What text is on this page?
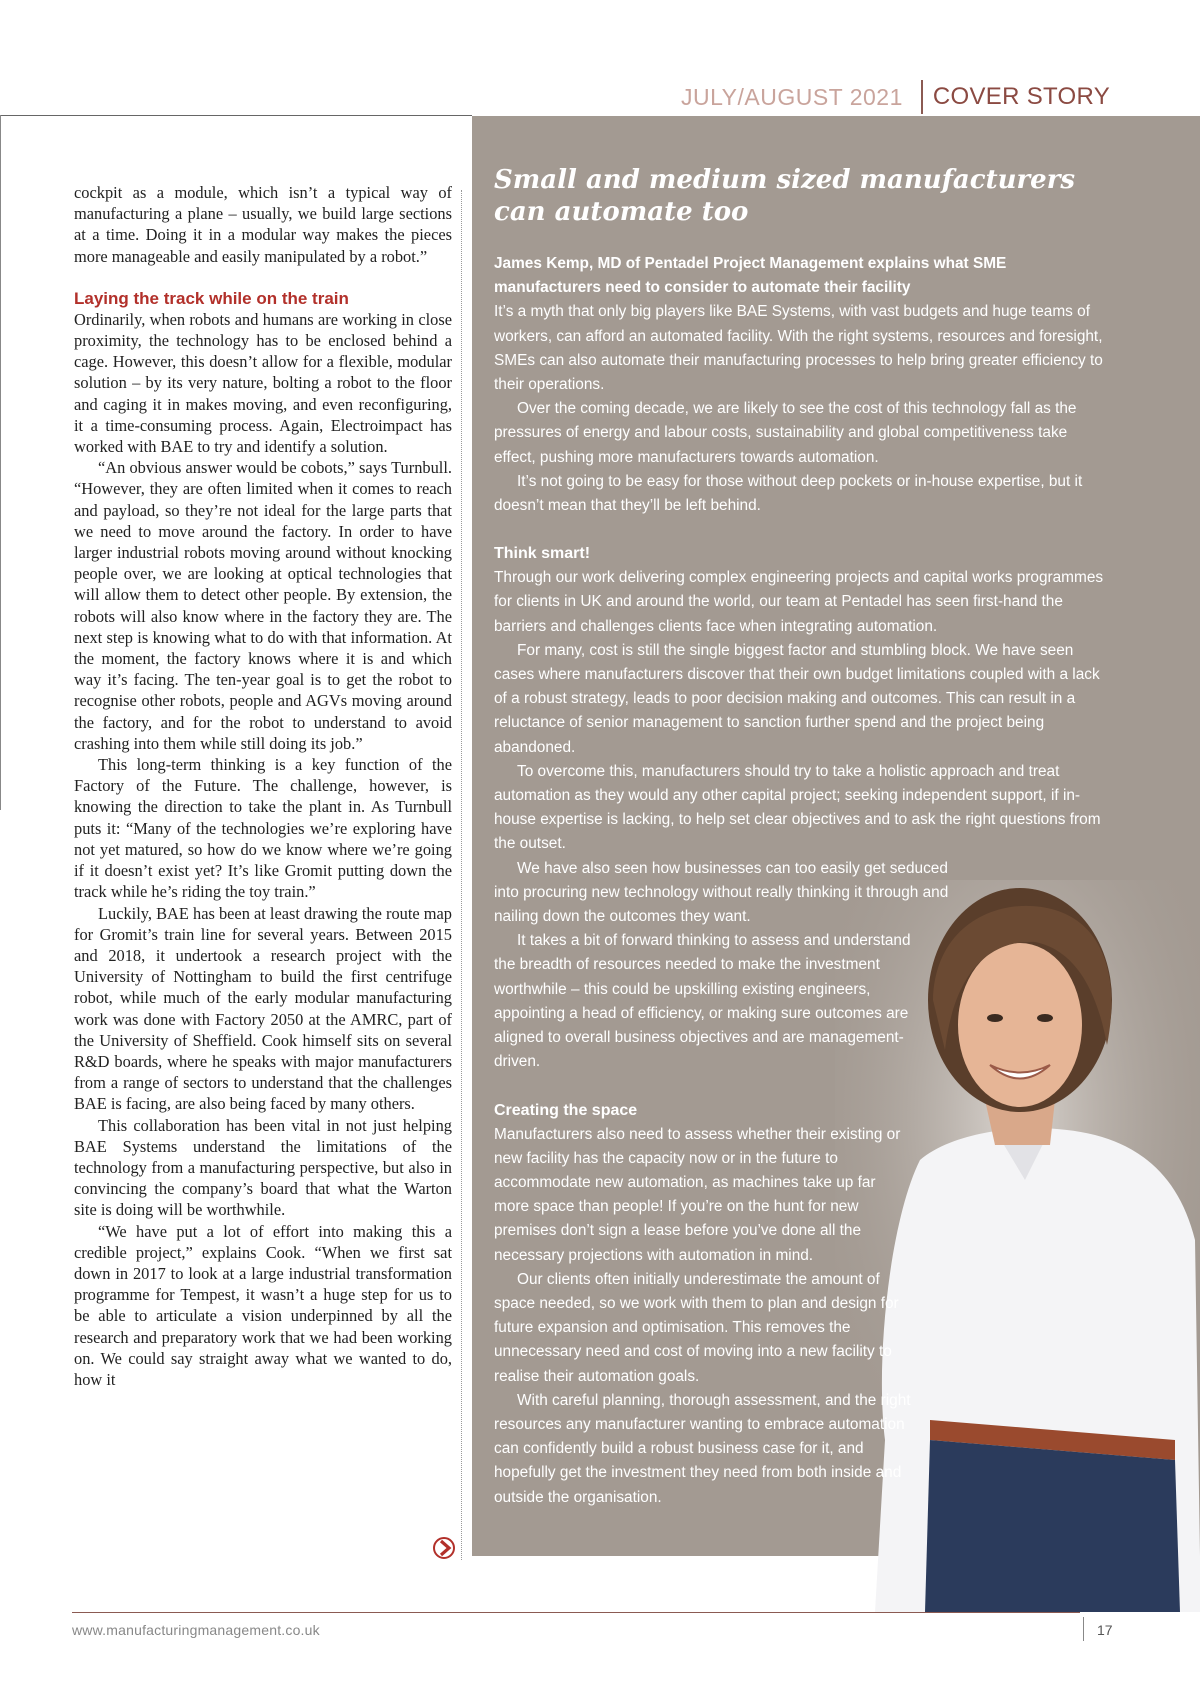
JULY/AUGUST 2021	COVER STORY

cockpit as a module, which isn’t a typical way of manufacturing a plane – usually, we build large sections at a time. Doing it in a modular way makes the pieces more manageable and easily manipulated by a robot.”

Laying the track while on the train

Ordinarily, when robots and humans are working in close proximity, the technology has to be enclosed behind a cage. However, this doesn’t allow for a flexible, modular solution – by its very nature, bolting a robot to the floor and caging it in makes moving, and even reconfiguring, it a time-consuming process. Again, Electroimpact has worked with BAE to try and identify a solution.

“An obvious answer would be cobots,” says Turnbull. “However, they are often limited when it comes to reach and payload, so they’re not ideal for the large parts that we need to move around the factory. In order to have larger industrial robots moving around without knocking people over, we are looking at optical technologies that will allow them to detect other people. By extension, the robots will also know where in the factory they are. The next step is knowing what to do with that information. At the moment, the factory knows where it is and which way it’s facing. The ten-year goal is to get the robot to recognise other robots, people and AGVs moving around the factory, and for the robot to understand to avoid crashing into them while still doing its job.”

This long-term thinking is a key function of the Factory of the Future. The challenge, however, is knowing the direction to take the plant in. As Turnbull puts it: “Many of the technologies we’re exploring have not yet matured, so how do we know where we’re going if it doesn’t exist yet? It’s like Gromit putting down the track while he’s riding the toy train.”

Luckily, BAE has been at least drawing the route map for Gromit’s train line for several years. Between 2015 and 2018, it undertook a research project with the University of Nottingham to build the first centrifuge robot, while much of the early modular manufacturing work was done with Factory 2050 at the AMRC, part of the University of Sheffield. Cook himself sits on several R&D boards, where he speaks with major manufacturers from a range of sectors to understand that the challenges BAE is facing, are also being faced by many others.

This collaboration has been vital in not just helping BAE Systems understand the limitations of the technology from a manufacturing perspective, but also in convincing the company’s board that what the Warton site is doing will be worthwhile.

“We have put a lot of effort into making this a credible project,” explains Cook. “When we first sat down in 2017 to look at a large industrial transformation programme for Tempest, it wasn’t a huge step for us to be able to articulate a vision underpinned by all the research and preparatory work that we had been working on. We could say straight away what we wanted to do, how it

Small and medium sized manufacturers can automate too

James Kemp, MD of Pentadel Project Management explains what SME manufacturers need to consider to automate their facility

It’s a myth that only big players like BAE Systems, with vast budgets and huge teams of workers, can afford an automated facility. With the right systems, resources and foresight, SMEs can also automate their manufacturing processes to help bring greater efficiency to their operations.

Over the coming decade, we are likely to see the cost of this technology fall as the pressures of energy and labour costs, sustainability and global competitiveness take effect, pushing more manufacturers towards automation.

It’s not going to be easy for those without deep pockets or in-house expertise, but it doesn’t mean that they’ll be left behind.

Think smart!

Through our work delivering complex engineering projects and capital works programmes for clients in UK and around the world, our team at Pentadel has seen first-hand the barriers and challenges clients face when integrating automation.

For many, cost is still the single biggest factor and stumbling block. We have seen cases where manufacturers discover that their own budget limitations coupled with a lack of a robust strategy, leads to poor decision making and outcomes. This can result in a reluctance of senior management to sanction further spend and the project being abandoned.

To overcome this, manufacturers should try to take a holistic approach and treat automation as they would any other capital project; seeking independent support, if in-house expertise is lacking, to help set clear objectives and to ask the right questions from the outset.

We have also seen how businesses can too easily get seduced into procuring new technology without really thinking it through and nailing down the outcomes they want.

It takes a bit of forward thinking to assess and understand the breadth of resources needed to make the investment worthwhile – this could be upskilling existing engineers, appointing a head of efficiency, or making sure outcomes are aligned to overall business objectives and are management-driven.

Creating the space

Manufacturers also need to assess whether their existing or new facility has the capacity now or in the future to accommodate new automation, as machines take up far more space than people! If you’re on the hunt for new premises don’t sign a lease before you’ve done all the necessary projections with automation in mind.

Our clients often initially underestimate the amount of space needed, so we work with them to plan and design for future expansion and optimisation. This removes the unnecessary need and cost of moving into a new facility to realise their automation goals.

With careful planning, thorough assessment, and the right resources any manufacturer wanting to embrace automation can confidently build a robust business case for it, and hopefully get the investment they need from both inside and outside the organisation.

www.manufacturingmanagement.co.uk	17
